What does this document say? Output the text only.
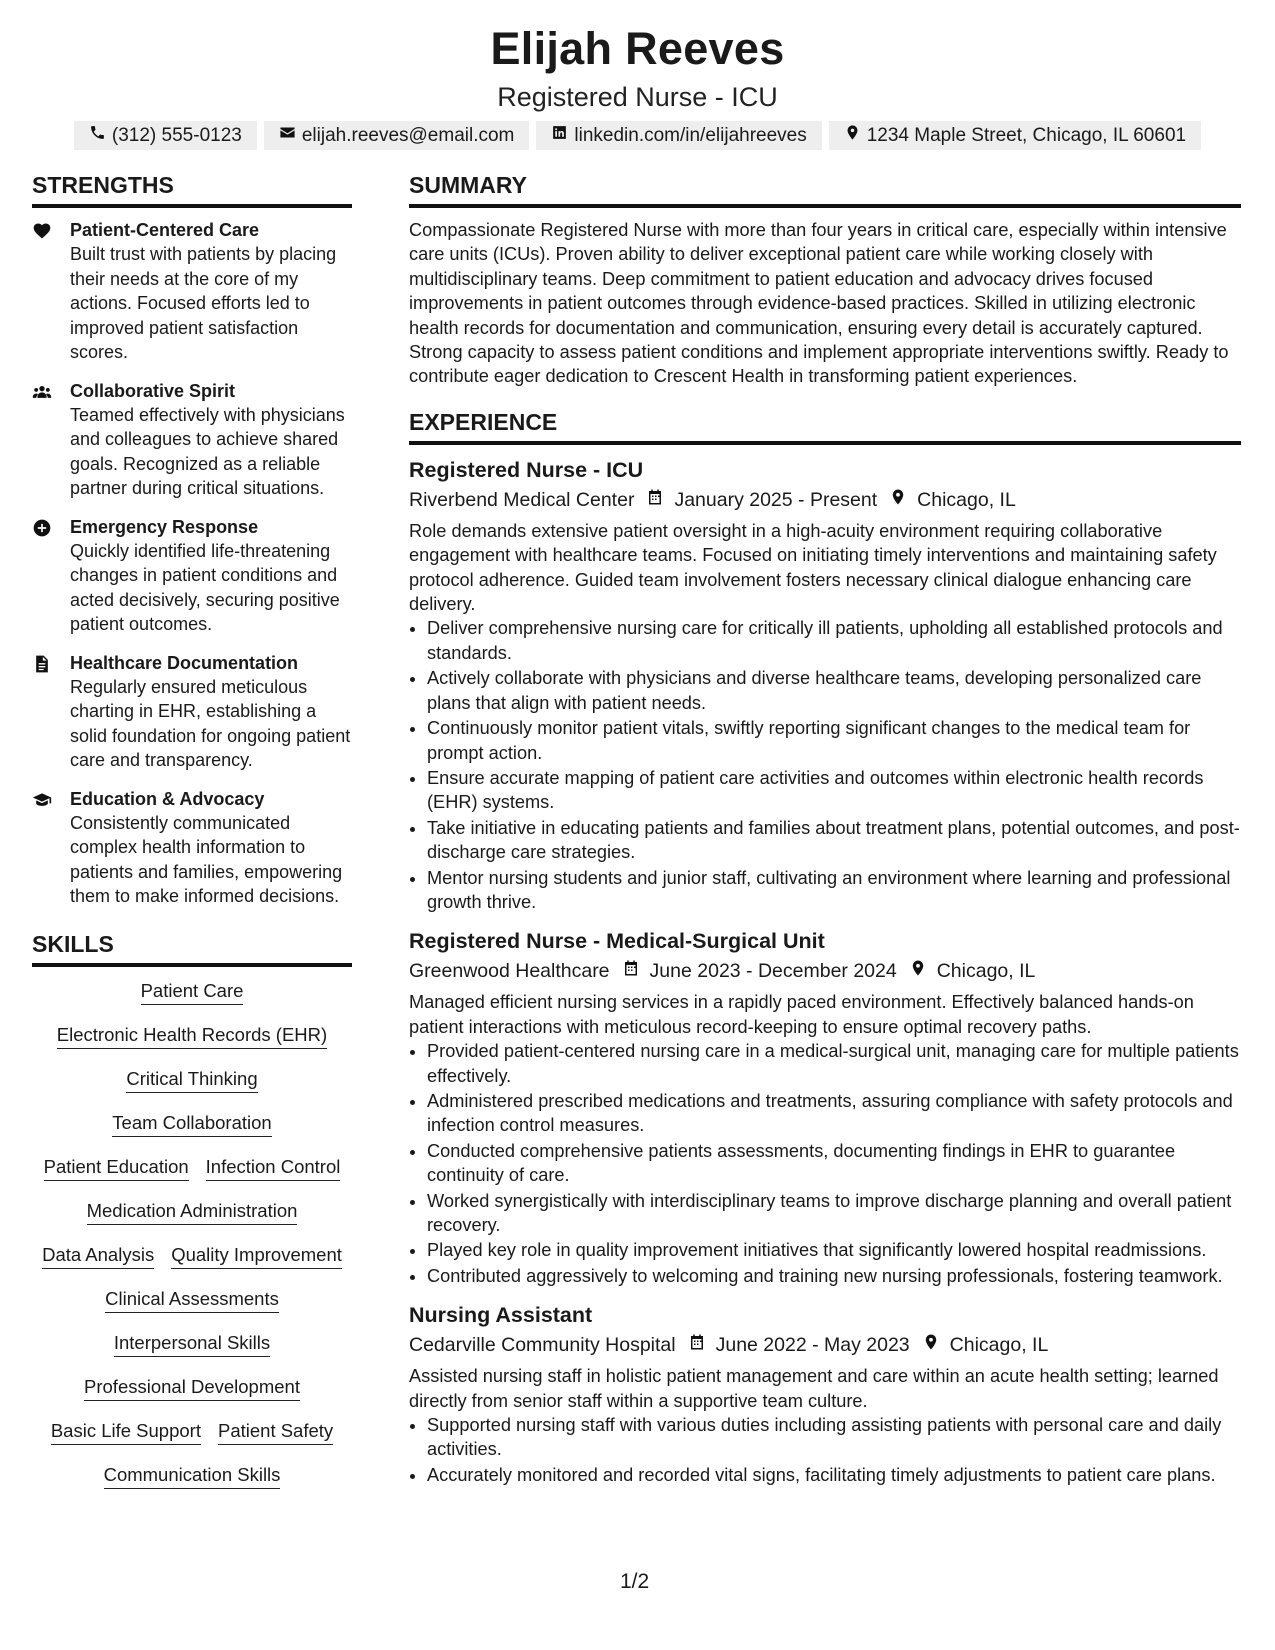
Elijah Reeves
Registered Nurse - ICU
(312) 555-0123	elijah.reeves@email.com	linkedin.com/in/elijahreeves	1234 Maple Street, Chicago, IL 60601
STRENGTHS
Patient-Centered Care
Built trust with patients by placing their needs at the core of my actions. Focused efforts led to improved patient satisfaction scores.
Collaborative Spirit
Teamed effectively with physicians and colleagues to achieve shared goals. Recognized as a reliable partner during critical situations.
Emergency Response
Quickly identified life-threatening changes in patient conditions and acted decisively, securing positive patient outcomes.
Healthcare Documentation
Regularly ensured meticulous charting in EHR, establishing a solid foundation for ongoing patient care and transparency.
Education & Advocacy
Consistently communicated complex health information to patients and families, empowering them to make informed decisions.
SKILLS
Patient Care
Electronic Health Records (EHR)
Critical Thinking
Team Collaboration
Patient Education Infection Control
Medication Administration
Data Analysis Quality Improvement
Clinical Assessments
Interpersonal Skills
Professional Development
Basic Life Support Patient Safety
Communication Skills
SUMMARY
Compassionate Registered Nurse with more than four years in critical care, especially within intensive care units (ICUs). Proven ability to deliver exceptional patient care while working closely with multidisciplinary teams. Deep commitment to patient education and advocacy drives focused improvements in patient outcomes through evidence-based practices. Skilled in utilizing electronic health records for documentation and communication, ensuring every detail is accurately captured. Strong capacity to assess patient conditions and implement appropriate interventions swiftly. Ready to contribute eager dedication to Crescent Health in transforming patient experiences.
EXPERIENCE
Registered Nurse - ICU
Riverbend Medical Center January 2025 - Present Chicago, IL
Role demands extensive patient oversight in a high-acuity environment requiring collaborative engagement with healthcare teams. Focused on initiating timely interventions and maintaining safety protocol adherence. Guided team involvement fosters necessary clinical dialogue enhancing care delivery.
• Deliver comprehensive nursing care for critically ill patients, upholding all established protocols and standards.
• Actively collaborate with physicians and diverse healthcare teams, developing personalized care plans that align with patient needs.
• Continuously monitor patient vitals, swiftly reporting significant changes to the medical team for prompt action.
• Ensure accurate mapping of patient care activities and outcomes within electronic health records (EHR) systems.
• Take initiative in educating patients and families about treatment plans, potential outcomes, and post-discharge care strategies.
• Mentor nursing students and junior staff, cultivating an environment where learning and professional growth thrive.
Registered Nurse - Medical-Surgical Unit
Greenwood Healthcare June 2023 - December 2024 Chicago, IL
Managed efficient nursing services in a rapidly paced environment. Effectively balanced hands-on patient interactions with meticulous record-keeping to ensure optimal recovery paths.
• Provided patient-centered nursing care in a medical-surgical unit, managing care for multiple patients effectively.
• Administered prescribed medications and treatments, assuring compliance with safety protocols and infection control measures.
• Conducted comprehensive patients assessments, documenting findings in EHR to guarantee continuity of care.
• Worked synergistically with interdisciplinary teams to improve discharge planning and overall patient recovery.
• Played key role in quality improvement initiatives that significantly lowered hospital readmissions.
• Contributed aggressively to welcoming and training new nursing professionals, fostering teamwork.
Nursing Assistant
Cedarville Community Hospital June 2022 - May 2023 Chicago, IL
Assisted nursing staff in holistic patient management and care within an acute health setting; learned directly from senior staff within a supportive team culture.
• Supported nursing staff with various duties including assisting patients with personal care and daily activities.
• Accurately monitored and recorded vital signs, facilitating timely adjustments to patient care plans.
1/2
